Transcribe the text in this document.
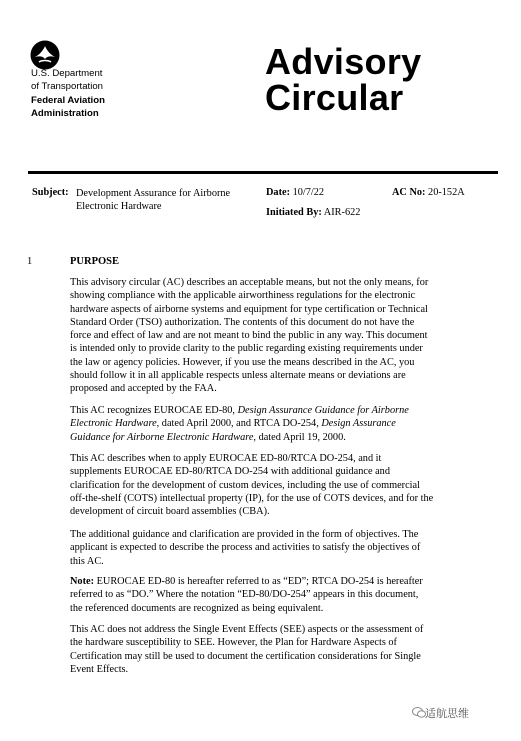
U.S. Department
of Transportation
Federal Aviation
Administration
Advisory
Circular
Subject: Development Assurance for Airborne
Electronic Hardware
Date: 10/7/22	AC No: 20-152A
Initiated By: AIR-622
1	PURPOSE
This advisory circular (AC) describes an acceptable means, but not the only means, for
showing compliance with the applicable airworthiness regulations for the electronic
hardware aspects of airborne systems and equipment for type certification or Technical
Standard Order (TSO) authorization. The contents of this document do not have the
force and effect of law and are not meant to bind the public in any way. This document
is intended only to provide clarity to the public regarding existing requirements under
the law or agency policies. However, if you use the means described in the AC, you
should follow it in all applicable respects unless alternate means or deviations are
proposed and accepted by the FAA.
This AC recognizes EUROCAE ED-80, Design Assurance Guidance for Airborne
Electronic Hardware, dated April 2000, and RTCA DO-254, Design Assurance
Guidance for Airborne Electronic Hardware, dated April 19, 2000.
This AC describes when to apply EUROCAE ED-80/RTCA DO-254, and it
supplements EUROCAE ED-80/RTCA DO-254 with additional guidance and
clarification for the development of custom devices, including the use of commercial
off-the-shelf (COTS) intellectual property (IP), for the use of COTS devices, and for the
development of circuit board assemblies (CBA).
The additional guidance and clarification are provided in the form of objectives. The
applicant is expected to describe the process and activities to satisfy the objectives of
this AC.
Note: EUROCAE ED-80 is hereafter referred to as “ED”; RTCA DO-254 is hereafter
referred to as “DO.” Where the notation “ED-80/DO-254” appears in this document,
the referenced documents are recognized as being equivalent.
This AC does not address the Single Event Effects (SEE) aspects or the assessment of
the hardware susceptibility to SEE. However, the Plan for Hardware Aspects of
Certification may still be used to document the certification considerations for Single
Event Effects.
适航思维
